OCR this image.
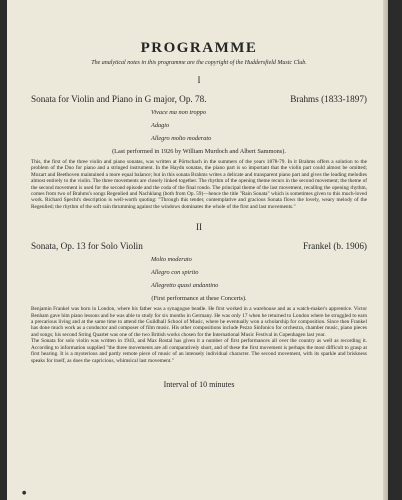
PROGRAMME
The analytical notes in this programme are the copyright of the Huddersfield Music Club.
I
Sonata for Violin and Piano in G major, Op. 78.	Brahms (1833-1897)
Vivace ma non troppo
Adagio
Allegro molto moderato
(Last performed in 1926 by William Murdoch and Albert Sammons).

This, the first of the three violin and piano sonatas, was written at Pörtschach in the summers of the years 1878-79. In it Brahms offers a solution to the problem of the Duo for piano and a stringed instrument. In the Haydn sonatas, the piano part is so important that the violin part could almost be omitted; Mozart and Beethoven maintained a more equal balance; but in this sonata Brahms writes a delicate and transparent piano part and gives the leading melodies almost entirely to the violin. The three movements are closely linked together. The rhythm of the opening theme recurs in the second movement; the theme of the second movement is used for the second episode and the coda of the final rondo. The principal theme of the last movement, recalling the opening rhythm, comes from two of Brahms's songs Regenlied and Nachklang (both from Op. 59)—hence the title "Rain Sonata" which is sometimes given to this much-loved work. Richard Specht's description is well-worth quoting: "Through this tender, contemplative and gracious Sonata flows the lovely, weary melody of the Regenlied; the rhythm of the soft rain thrumming against the windows dominates the whole of the first and last movements."

II
Sonata, Op. 13 for Solo Violin	Frankel (b. 1906)
Molto moderato
Allegro con spirito
Allegretto quasi andantino
(First performance at these Concerts).

Benjamin Frankel was born in London, where his father was a synagogue beadle. He first worked in a warehouse and as a watch-maker's apprentice. Victor Benham gave him piano lessons and he was able to study for six months in Germany. He was only 17 when he returned to London where he struggled to earn a precarious living and at the same time to attend the Guildhall School of Music, where he eventually won a scholarship for composition. Since then Frankel has done much work as a conductor and composer of film music. His other compositions include Pezzo Sinfonico for orchestra, chamber music, piano pieces and songs; his second String Quartet was one of the two British works chosen for the International Music Festival in Copenhagen last year.

The Sonata for solo violin was written in 1943, and Max Rostal has given it a number of first performances all over the country as well as recording it. According to information supplied "the three movements are all comparatively short, and of these the first movement is perhaps the most difficult to grasp at first hearing. It is a mysterious and partly remote piece of music of an intensely individual character. The second movement, with its sparkle and briskness speaks for itself, as does the capricious, whimsical last movement."

Interval of 10 minutes
●
